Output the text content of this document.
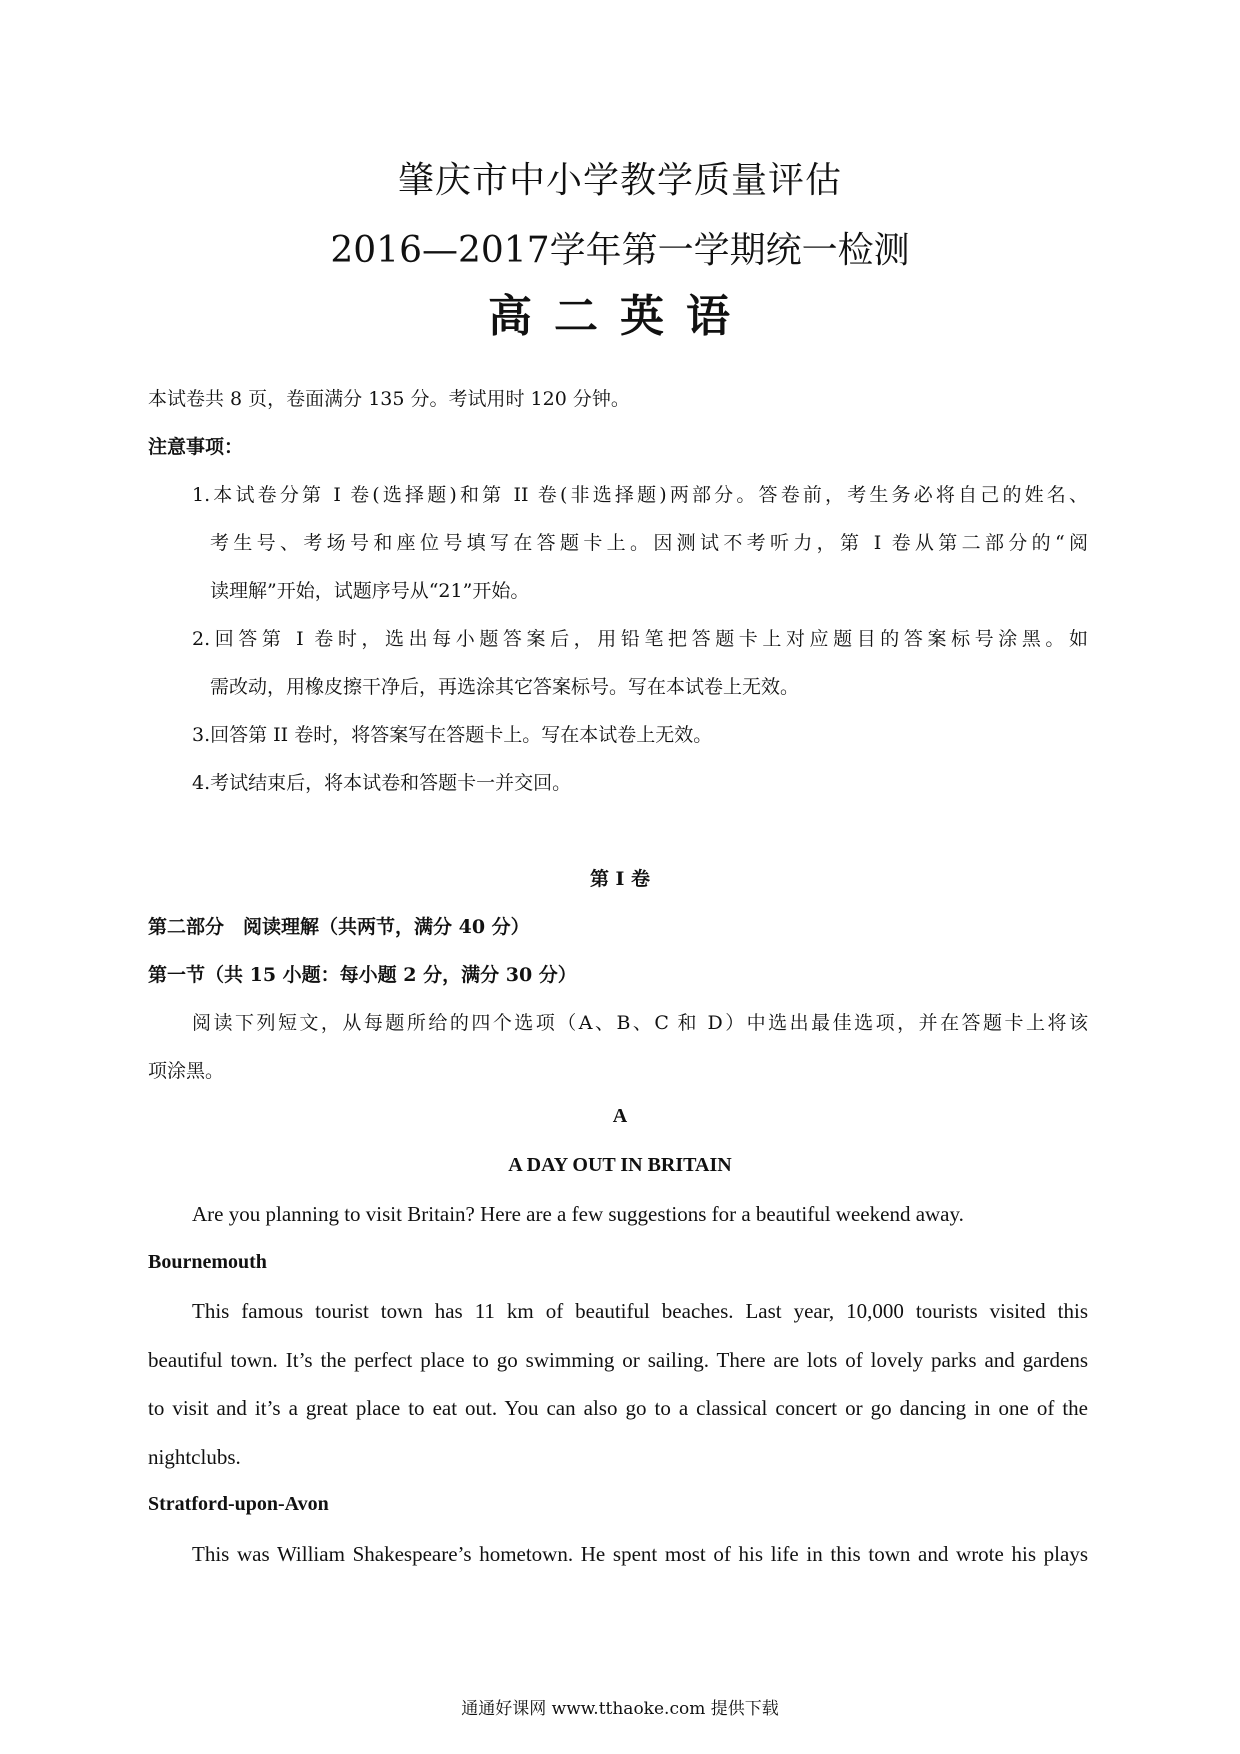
肇庆市中小学教学质量评估
2016—2017学年第一学期统一检测
高二英语
本试卷共 8 页，卷面满分 135 分。考试用时 120 分钟。
注意事项：
1.本试卷分第 I 卷(选择题)和第 II 卷(非选择题)两部分。答卷前，考生务必将自己的姓名、
考生号、考场号和座位号填写在答题卡上。因测试不考听力，第 I 卷从第二部分的“阅
读理解”开始，试题序号从“21”开始。
2.回答第 I 卷时，选出每小题答案后，用铅笔把答题卡上对应题目的答案标号涂黑。如
需改动，用橡皮擦干净后，再选涂其它答案标号。写在本试卷上无效。
3.回答第 II 卷时，将答案写在答题卡上。写在本试卷上无效。
4.考试结束后，将本试卷和答题卡一并交回。
第 I 卷
第二部分　阅读理解（共两节，满分 40 分）
第一节（共 15 小题：每小题 2 分，满分 30 分）
阅读下列短文，从每题所给的四个选项（A、B、C 和 D）中选出最佳选项，并在答题卡上将该
项涂黑。
A
A DAY OUT IN BRITAIN
Are you planning to visit Britain? Here are a few suggestions for a beautiful weekend away.
Bournemouth
This famous tourist town has 11 km of beautiful beaches. Last year, 10,000 tourists visited this
beautiful town. It’s the perfect place to go swimming or sailing. There are lots of lovely parks and gardens
to visit and it’s a great place to eat out. You can also go to a classical concert or go dancing in one of the
nightclubs.
Stratford-upon-Avon
This was William Shakespeare’s hometown. He spent most of his life in this town and wrote his plays
通通好课网 www.tthaoke.com 提供下载
